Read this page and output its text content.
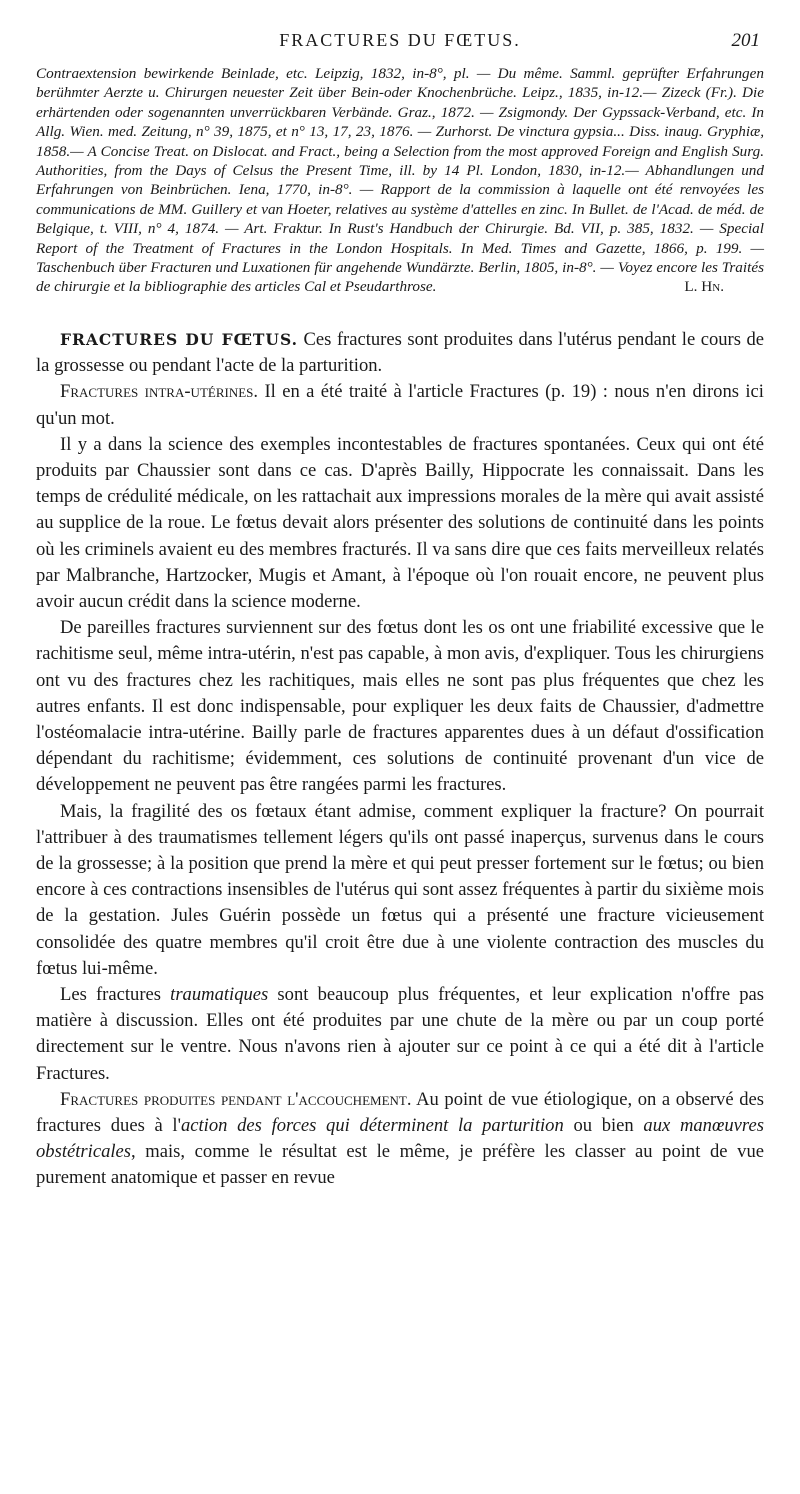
FRACTURES DU FŒTUS.	201

Contraextension bewirkende Beinlade, etc. Leipzig, 1832, in-8°, pl. — Du même. Samml. geprüfter Erfahrungen berühmter Aerzte u. Chirurgen neuester Zeit über Bein-oder Knochenbrüche. Leipz., 1835, in-12.— Zizeck (Fr.). Die erhärtenden oder sogenannten unverrückbaren Verbände. Graz., 1872. — Zsigmondy. Der Gypssack-Verband, etc. In Allg. Wien. med. Zeitung, n° 39, 1875, et n° 13, 17, 23, 1876. — Zurhorst. De vinctura gypsia... Diss. inaug. Gryphiæ, 1858.— A Concise Treat. on Dislocat. and Fract., being a Selection from the most approved Foreign and English Surg. Authorities, from the Days of Celsus the Present Time, ill. by 14 Pl. London, 1830, in-12.— Abhandlungen und Erfahrungen von Beinbrüchen. Iena, 1770, in-8°. — Rapport de la commission à laquelle ont été renvoyées les communications de MM. Guillery et van Hoeter, relatives au système d'attelles en zinc. In Bullet. de l'Acad. de méd. de Belgique, t. VIII, n° 4, 1874. — Art. Fraktur. In Rust's Handbuch der Chirurgie. Bd. VII, p. 385, 1832. — Special Report of the Treatment of Fractures in the London Hospitals. In Med. Times and Gazette, 1866, p. 199. — Taschenbuch über Fracturen und Luxationen für angehende Wundärzte. Berlin, 1805, in-8°. — Voyez encore les Traités de chirurgie et la bibliographie des articles Cal et Pseudarthrose.	L. Hn.

FRACTURES DU FŒTUS. Ces fractures sont produites dans l'utérus pendant le cours de la grossesse ou pendant l'acte de la parturition.

Fractures intra-utérines. Il en a été traité à l'article Fractures (p. 19) : nous n'en dirons ici qu'un mot.

Il y a dans la science des exemples incontestables de fractures spontanées. Ceux qui ont été produits par Chaussier sont dans ce cas. D'après Bailly, Hippocrate les connaissait. Dans les temps de crédulité médicale, on les rattachait aux impressions morales de la mère qui avait assisté au supplice de la roue. Le fœtus devait alors présenter des solutions de continuité dans les points où les criminels avaient eu des membres fracturés. Il va sans dire que ces faits merveilleux relatés par Malbranche, Hartzocker, Mugis et Amant, à l'époque où l'on rouait encore, ne peuvent plus avoir aucun crédit dans la science moderne.

De pareilles fractures surviennent sur des fœtus dont les os ont une friabilité excessive que le rachitisme seul, même intra-utérin, n'est pas capable, à mon avis, d'expliquer. Tous les chirurgiens ont vu des fractures chez les rachitiques, mais elles ne sont pas plus fréquentes que chez les autres enfants. Il est donc indispensable, pour expliquer les deux faits de Chaussier, d'admettre l'ostéomalacie intra-utérine. Bailly parle de fractures apparentes dues à un défaut d'ossification dépendant du rachitisme; évidemment, ces solutions de continuité provenant d'un vice de développement ne peuvent pas être rangées parmi les fractures.

Mais, la fragilité des os fœtaux étant admise, comment expliquer la fracture? On pourrait l'attribuer à des traumatismes tellement légers qu'ils ont passé inaperçus, survenus dans le cours de la grossesse; à la position que prend la mère et qui peut presser fortement sur le fœtus; ou bien encore à ces contractions insensibles de l'utérus qui sont assez fréquentes à partir du sixième mois de la gestation. Jules Guérin possède un fœtus qui a présenté une fracture vicieusement consolidée des quatre membres qu'il croit être due à une violente contraction des muscles du fœtus lui-même.

Les fractures traumatiques sont beaucoup plus fréquentes, et leur explication n'offre pas matière à discussion. Elles ont été produites par une chute de la mère ou par un coup porté directement sur le ventre. Nous n'avons rien à ajouter sur ce point à ce qui a été dit à l'article Fractures.

Fractures produites pendant l'accouchement. Au point de vue étiologique, on a observé des fractures dues à l'action des forces qui déterminent la parturition ou bien aux manœuvres obstétricales, mais, comme le résultat est le même, je préfère les classer au point de vue purement anatomique et passer en revue
